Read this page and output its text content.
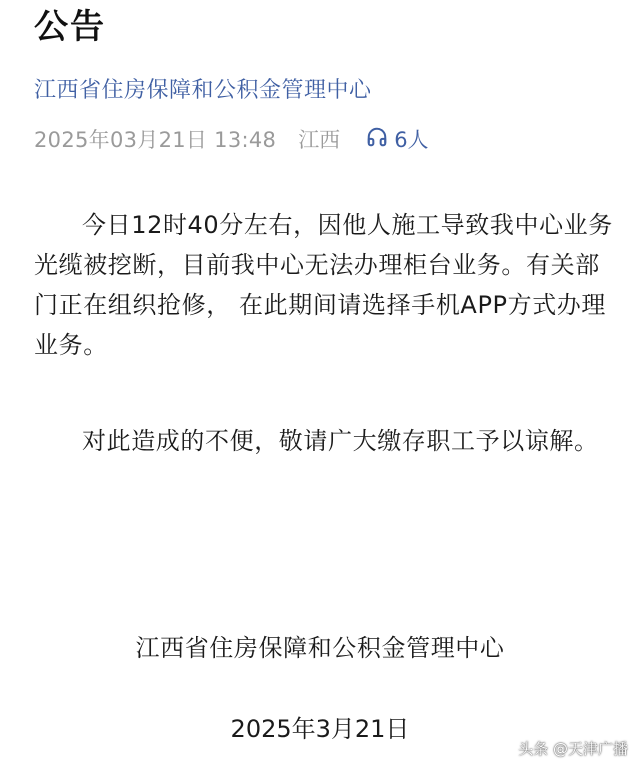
公告
江西省住房保障和公积金管理中心
2025年03月21日 13:48 江西	6人

今日12时40分左右，因他人施工导致我中心业务光缆被挖断，目前我中心无法办理柜台业务。有关部门正在组织抢修， 在此期间请选择手机APP方式办理业务。

对此造成的不便，敬请广大缴存职工予以谅解。

江西省住房保障和公积金管理中心
2025年3月21日
头条 @天津广播
